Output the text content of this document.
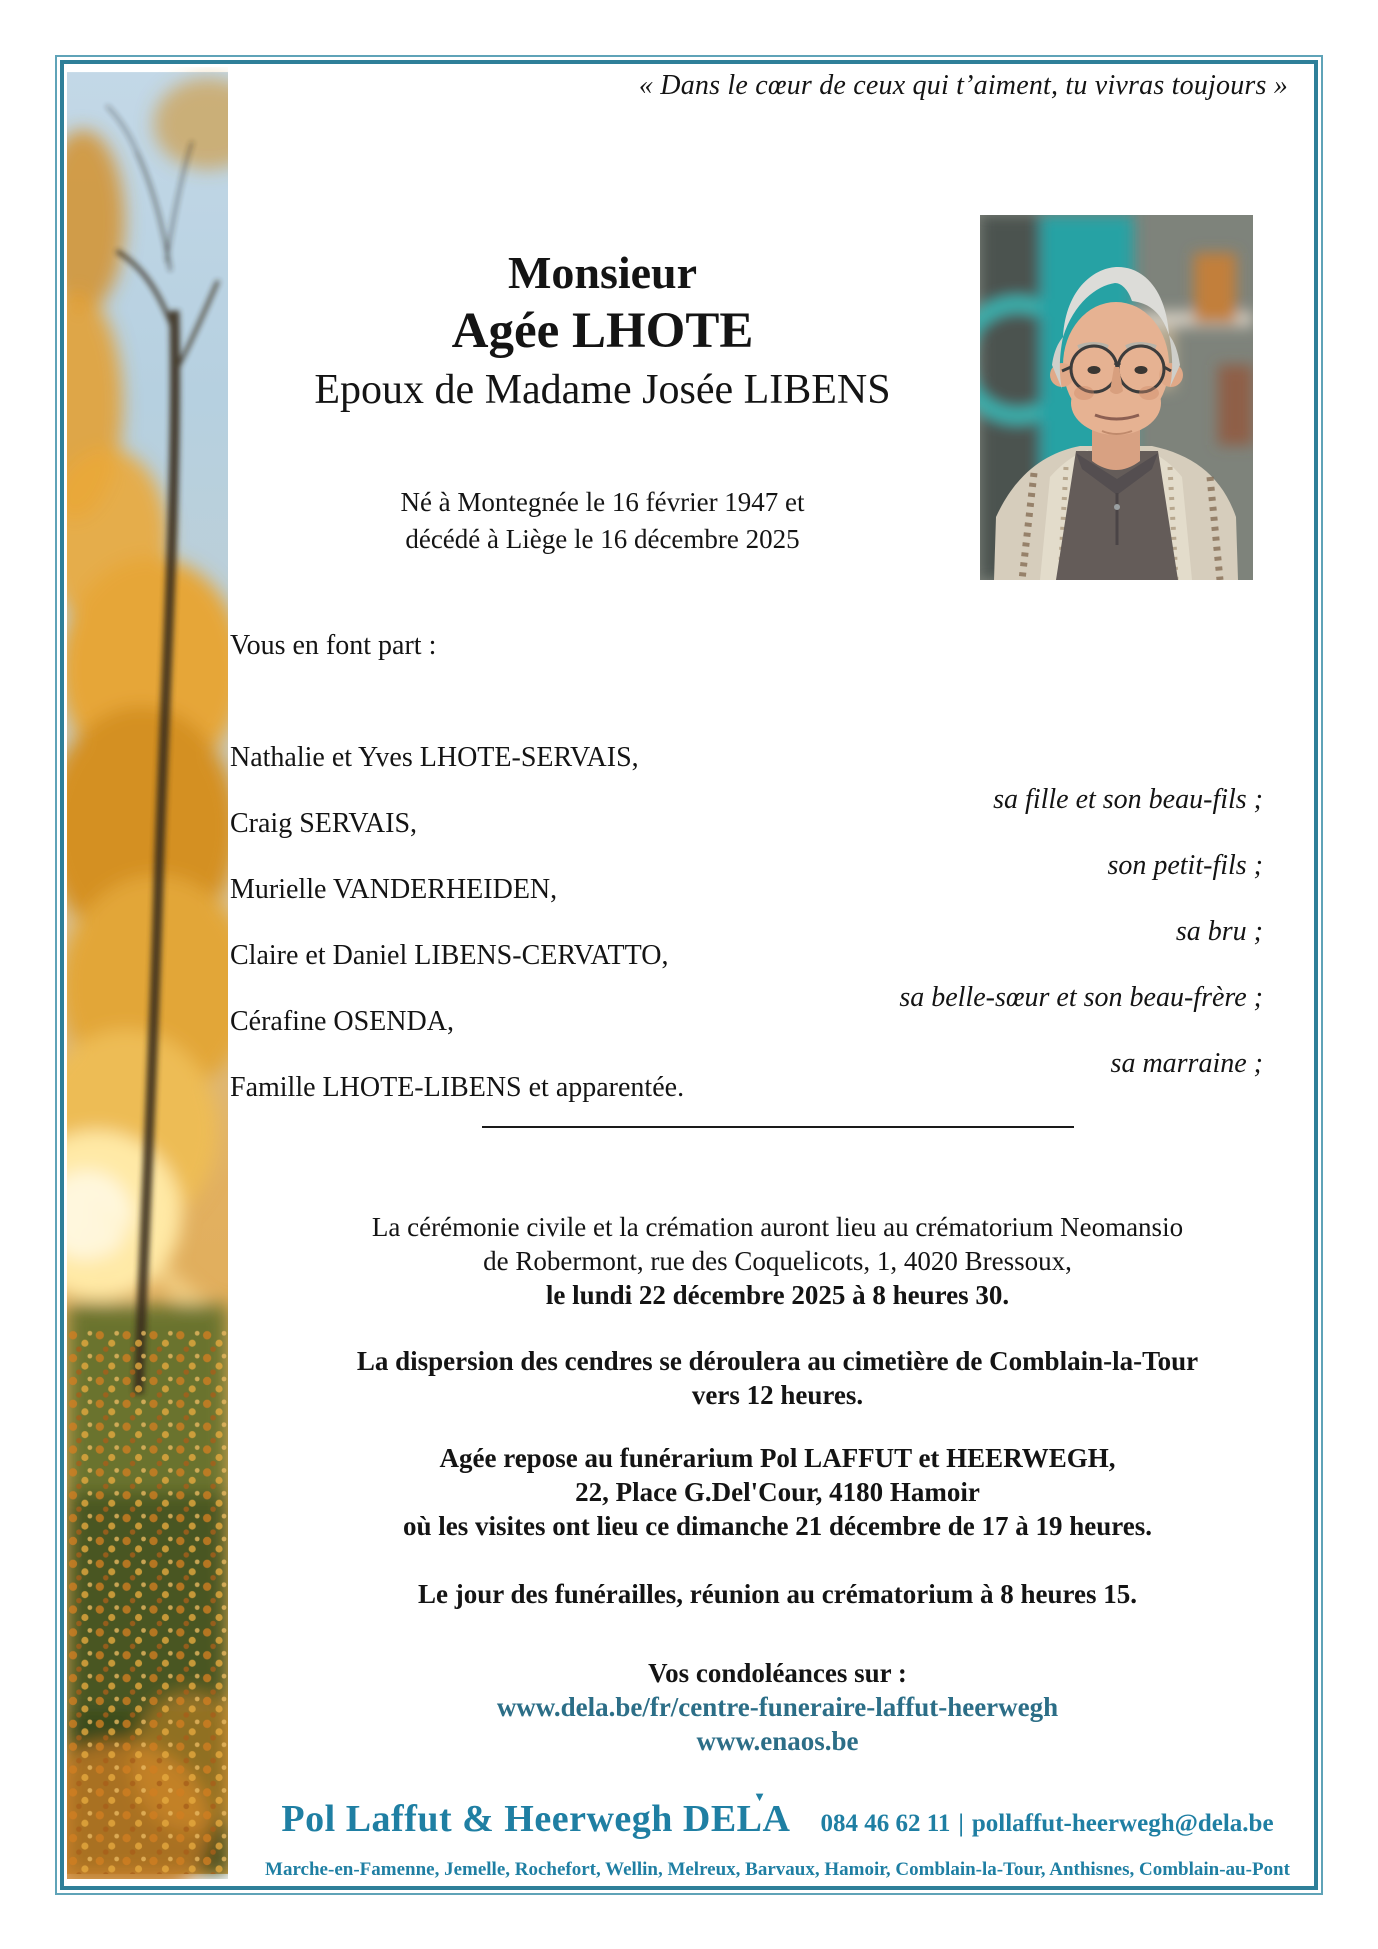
« Dans le cœur de ceux qui t’aiment, tu vivras toujours »
Monsieur
Agée LHOTE
Epoux de Madame Josée LIBENS
Né à Montegnée le 16 février 1947 et
décédé à Liège le 16 décembre 2025
Vous en font part :
Nathalie et Yves LHOTE-SERVAIS,
sa fille et son beau-fils ;
Craig SERVAIS,
son petit-fils ;
Murielle VANDERHEIDEN,
sa bru ;
Claire et Daniel LIBENS-CERVATTO,
sa belle-sœur et son beau-frère ;
Cérafine OSENDA,
sa marraine ;
Famille LHOTE-LIBENS et apparentée.
La cérémonie civile et la crémation auront lieu au crématorium Neomansio
de Robermont, rue des Coquelicots, 1, 4020 Bressoux,
le lundi 22 décembre 2025 à 8 heures 30.
La dispersion des cendres se déroulera au cimetière de Comblain-la-Tour
vers 12 heures.
Agée repose au funérarium Pol LAFFUT et HEERWEGH,
22, Place G.Del'Cour, 4180 Hamoir
où les visites ont lieu ce dimanche 21 décembre de 17 à 19 heures.
Le jour des funérailles, réunion au crématorium à 8 heures 15.
Vos condoléances sur :
www.dela.be/fr/centre-funeraire-laffut-heerwegh
www.enaos.be
Pol Laffut & Heerwegh DELA
▼ 084 46 62 11 | pollaffut-heerwegh@dela.be
Marche-en-Famenne, Jemelle, Rochefort, Wellin, Melreux, Barvaux, Hamoir, Comblain-la-Tour, Anthisnes, Comblain-au-Pont
